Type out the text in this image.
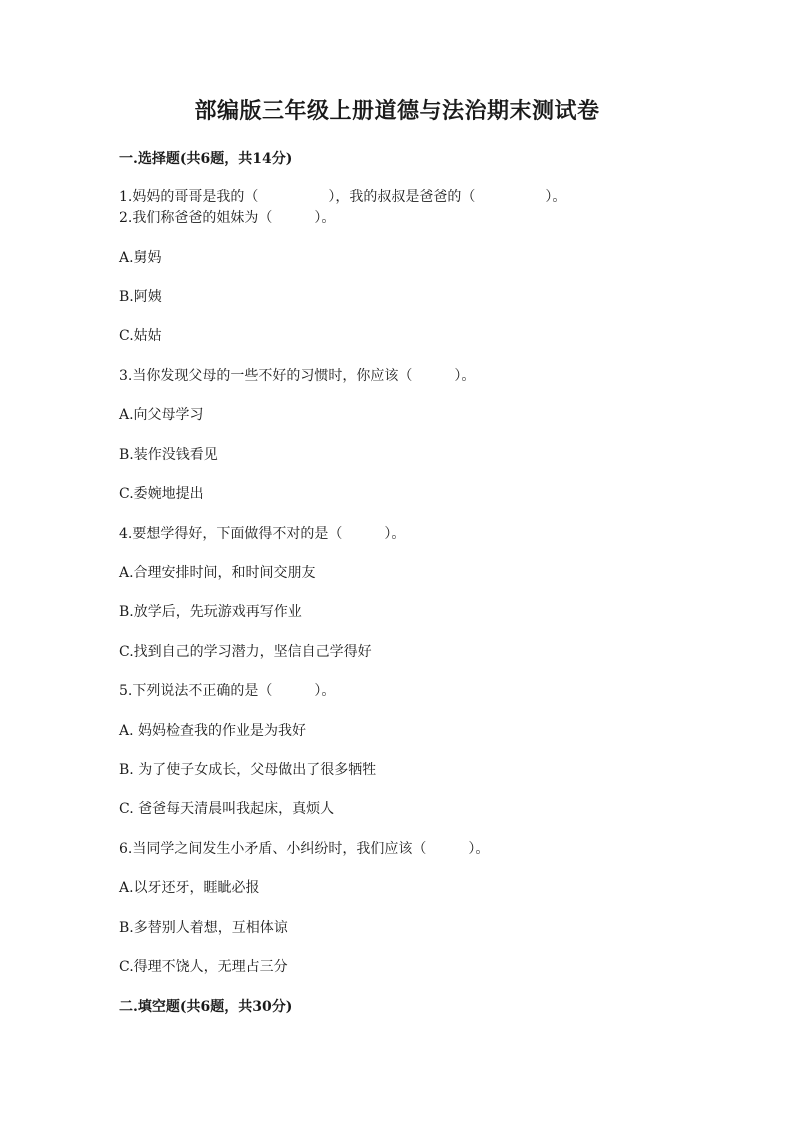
部编版三年级上册道德与法治期末测试卷
一.选择题(共6题，共14分)
1.妈妈的哥哥是我的（　　　　　），我的叔叔是爸爸的（　　　　　）。
2.我们称爸爸的姐妹为（　　　）。
A.舅妈
B.阿姨
C.姑姑
3.当你发现父母的一些不好的习惯时，你应该（　　　）。
A.向父母学习
B.装作没钱看见
C.委婉地提出
4.要想学得好，下面做得不对的是（　　　）。
A.合理安排时间，和时间交朋友
B.放学后，先玩游戏再写作业
C.找到自己的学习潜力，坚信自己学得好
5.下列说法不正确的是（　　　）。
A. 妈妈检查我的作业是为我好
B. 为了使子女成长，父母做出了很多牺牲
C. 爸爸每天清晨叫我起床，真烦人
6.当同学之间发生小矛盾、小纠纷时，我们应该（　　　）。
A.以牙还牙，睚眦必报
B.多替别人着想，互相体谅
C.得理不饶人，无理占三分
二.填空题(共6题，共30分)
